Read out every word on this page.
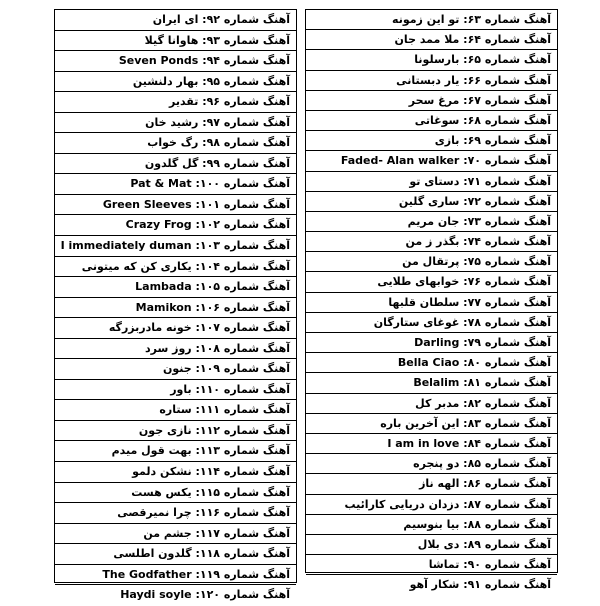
آهنگ شماره ۶۳: تو این زمونه
آهنگ شماره ۶۴: ملا ممد جان
آهنگ شماره ۶۵: بارسلونا
آهنگ شماره ۶۶: یار دبستانی
آهنگ شماره ۶۷: مرغ سحر
آهنگ شماره ۶۸: سوغاتی
آهنگ شماره ۶۹: بازی
آهنگ شماره ۷۰: Faded- Alan walker
آهنگ شماره ۷۱: دستای تو
آهنگ شماره ۷۲: ساری گلین
آهنگ شماره ۷۳: جان مریم
آهنگ شماره ۷۴: بگذر ز من
آهنگ شماره ۷۵: پرتقال من
آهنگ شماره ۷۶: خوابهای طلایی
آهنگ شماره ۷۷: سلطان قلبها
آهنگ شماره ۷۸: غوغای ستارگان
آهنگ شماره ۷۹: Darling
آهنگ شماره ۸۰: Bella Ciao
آهنگ شماره ۸۱: Belalim
آهنگ شماره ۸۲: مدبر کل
آهنگ شماره ۸۳: این آخرین باره
آهنگ شماره ۸۴: I am in love
آهنگ شماره ۸۵: دو پنجره
آهنگ شماره ۸۶: الهه ناز
آهنگ شماره ۸۷: دزدان دریایی کارائیب
آهنگ شماره ۸۸: بیا بنوسیم
آهنگ شماره ۸۹: دی بلال
آهنگ شماره ۹۰: تماشا
آهنگ شماره ۹۱: شکار آهو
آهنگ شماره ۹۲: ای ایران
آهنگ شماره ۹۳: هاوانا گیلا
آهنگ شماره ۹۴: Seven Ponds
آهنگ شماره ۹۵: بهار دلنشین
آهنگ شماره ۹۶: تقدیر
آهنگ شماره ۹۷: رشید خان
آهنگ شماره ۹۸: رگ خواب
آهنگ شماره ۹۹: گل گلدون
آهنگ شماره ۱۰۰: Pat & Mat
آهنگ شماره ۱۰۱: Green Sleeves
آهنگ شماره ۱۰۲: Crazy Frog
آهنگ شماره ۱۰۳: I immediately duman
آهنگ شماره ۱۰۴: یکاری کن که میتونی
آهنگ شماره ۱۰۵: Lambada
آهنگ شماره ۱۰۶: Mamikon
آهنگ شماره ۱۰۷: خونه مادربزرگه
آهنگ شماره ۱۰۸: روز سرد
آهنگ شماره ۱۰۹: جنون
آهنگ شماره ۱۱۰: باور
آهنگ شماره ۱۱۱: ستاره
آهنگ شماره ۱۱۲: نازی جون
آهنگ شماره ۱۱۳: بهت قول میدم
آهنگ شماره ۱۱۴: نشکن دلمو
آهنگ شماره ۱۱۵: یکس هست
آهنگ شماره ۱۱۶: چرا نمیرقصی
آهنگ شماره ۱۱۷: جشم من
آهنگ شماره ۱۱۸: گلدون اطلسی
آهنگ شماره ۱۱۹: The Godfather
آهنگ شماره ۱۲۰: Haydi soyle
